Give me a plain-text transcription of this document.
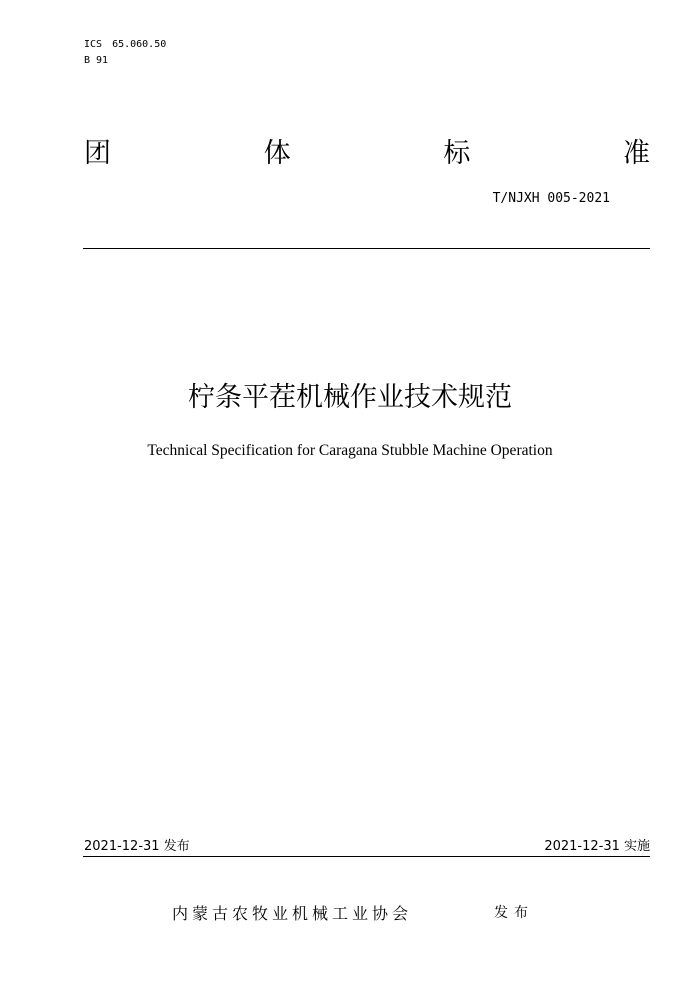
ICS 65.060.50
B 91
团	体	标	准
T/NJXH 005-2021
柠条平茬机械作业技术规范
Technical Specification for Caragana Stubble Machine Operation
2021-12-31 发布	2021-12-31 实施
内蒙古农牧业机械工业协会	发布
